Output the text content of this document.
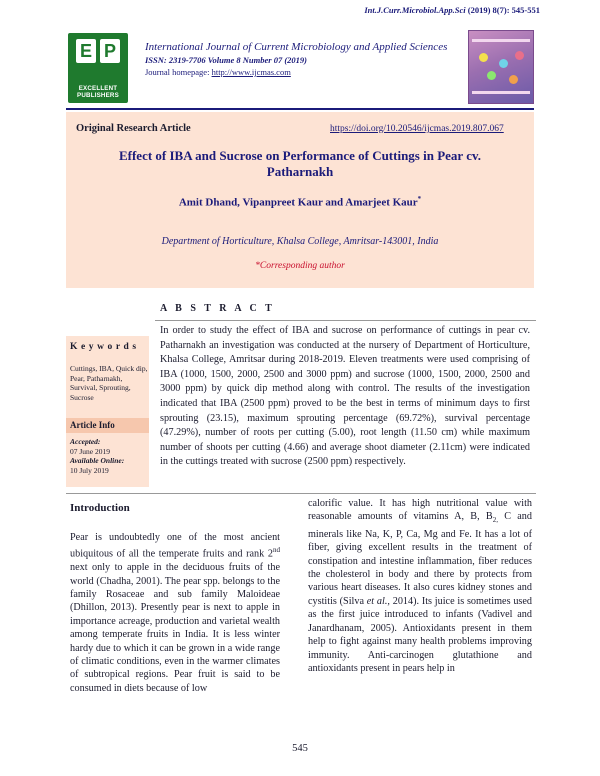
Int.J.Curr.Microbiol.App.Sci (2019) 8(7): 545-551
E P
EXCELLENT PUBLISHERS
International Journal of Current Microbiology and Applied Sciences
ISSN: 2319-7706 Volume 8 Number 07 (2019)
Journal homepage: http://www.ijcmas.com
Original Research Article	https://doi.org/10.20546/ijcmas.2019.807.067
Effect of IBA and Sucrose on Performance of Cuttings in Pear cv. Patharnakh
Amit Dhand, Vipanpreet Kaur and Amarjeet Kaur*
Department of Horticulture, Khalsa College, Amritsar-143001, India
*Corresponding author
A B S T R A C T
K e y w o r d s
Cuttings, IBA, Quick dip, Pear, Patharnakh, Survival, Sprouting, Sucrose
Article Info
Accepted:
07 June 2019
Available Online:
10 July 2019
In order to study the effect of IBA and sucrose on performance of cuttings in pear cv. Patharnakh an investigation was conducted at the nursery of Department of Horticulture, Khalsa College, Amritsar during 2018-2019. Eleven treatments were used comprising of IBA (1000, 1500, 2000, 2500 and 3000 ppm) and sucrose (1000, 1500, 2000, 2500 and 3000 ppm) by quick dip method along with control. The results of the investigation indicated that IBA (2500 ppm) proved to be the best in terms of minimum days to first sprouting (23.15), maximum sprouting percentage (69.72%), survival percentage (47.29%), number of roots per cutting (5.00), root length (11.50 cm) while maximum number of shoots per cutting (4.66) and average shoot diameter (2.11cm) were indicated in the cuttings treated with sucrose (2500 ppm) respectively.
Introduction

Pear is undoubtedly one of the most ancient ubiquitous of all the temperate fruits and rank 2nd next only to apple in the deciduous fruits of the world (Chadha, 2001). The pear spp. belongs to the family Rosaceae and sub family Maloideae (Dhillon, 2013). Presently pear is next to apple in importance acreage, production and varietal wealth among temperate fruits in India. It is less winter hardy due to which it can be grown in a wide range of climatic conditions, even in the warmer climates of subtropical regions. Pear fruit is said to be consumed in diets because of low

calorific value. It has high nutritional value with reasonable amounts of vitamins A, B, $B_{2,}$ C and minerals like Na, K, P, Ca, Mg and Fe. It has a lot of fiber, giving excellent results in the treatment of constipation and intestine inflammation, fiber reduces the cholesterol in body and there by protects from various heart diseases. It also cures kidney stones and cystitis (Silva et al., 2014). Its juice is sometimes used as the first juice introduced to infants (Vadivel and Janardhanam, 2005). Antioxidants present in them help to fight against many health problems improving immunity. Anti-carcinogen glutathione and antioxidants present in pears help in

545
